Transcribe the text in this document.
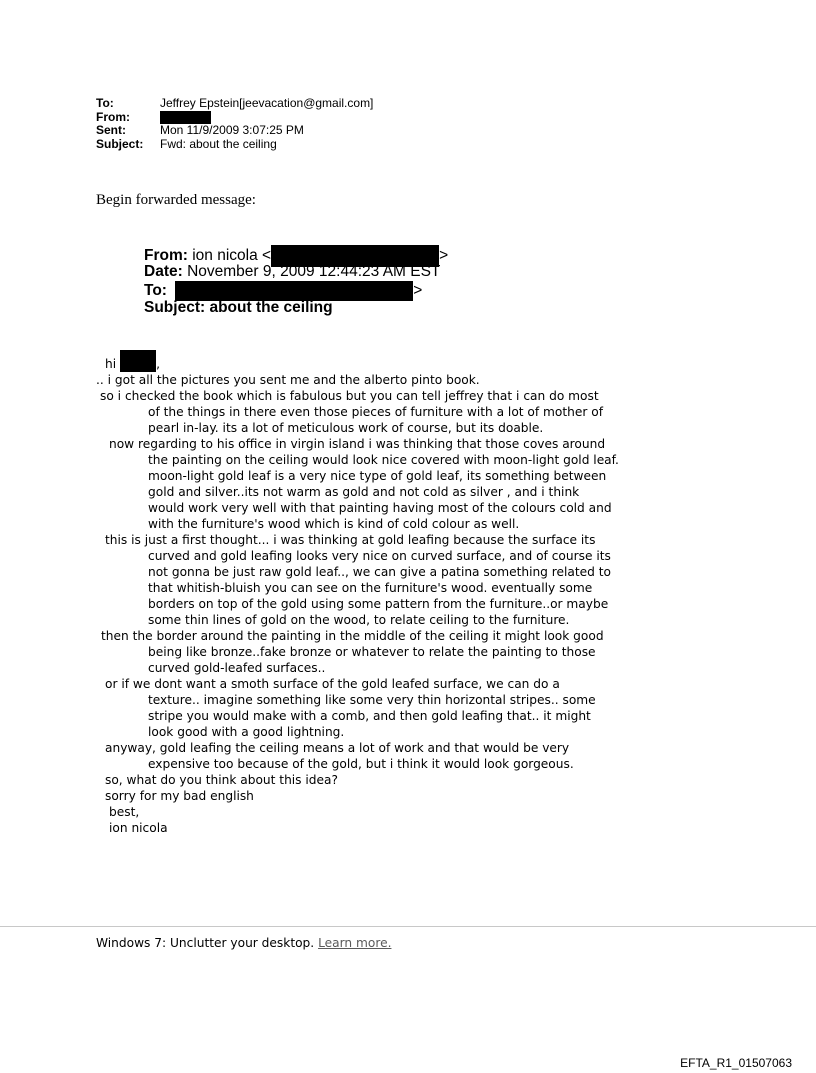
To:	Jeffrey Epstein[jeevacation@gmail.com]
From:
Sent:	Mon 11/9/2009 3:07:25 PM
Subject:	Fwd: about the ceiling
Begin forwarded message:
From: ion nicola <	>
Date: November 9, 2009 12:44:23 AM EST
To:	>
Subject: about the ceiling
hi	,
.. i got all the pictures you sent me and the alberto pinto book.
so i checked the book which is fabulous but you can tell jeffrey that i can do most
of the things in there even those pieces of furniture with a lot of mother of
pearl in-lay. its a lot of meticulous work of course, but its doable.
now regarding to his office in virgin island i was thinking that those coves around
the painting on the ceiling would look nice covered with moon-light gold leaf.
moon-light gold leaf is a very nice type of gold leaf, its something between
gold and silver..its not warm as gold and not cold as silver , and i think
would work very well with that painting having most of the colours cold and
with the furniture's wood which is kind of cold colour as well.
this is just a first thought... i was thinking at gold leafing because the surface its
curved and gold leafing looks very nice on curved surface, and of course its
not gonna be just raw gold leaf.., we can give a patina something related to
that whitish-bluish you can see on the furniture's wood. eventually some
borders on top of the gold using some pattern from the furniture..or maybe
some thin lines of gold on the wood, to relate ceiling to the furniture.
then the border around the painting in the middle of the ceiling it might look good
being like bronze..fake bronze or whatever to relate the painting to those
curved gold-leafed surfaces..
or if we dont want a smoth surface of the gold leafed surface, we can do a
texture.. imagine something like some very thin horizontal stripes.. some
stripe you would make with a comb, and then gold leafing that.. it might
look good with a good lightning.
anyway, gold leafing the ceiling means a lot of work and that would be very
expensive too because of the gold, but i think it would look gorgeous.
so, what do you think about this idea?
sorry for my bad english
best,
ion nicola
Windows 7: Unclutter your desktop. Learn more.
EFTA_R1_01507063
